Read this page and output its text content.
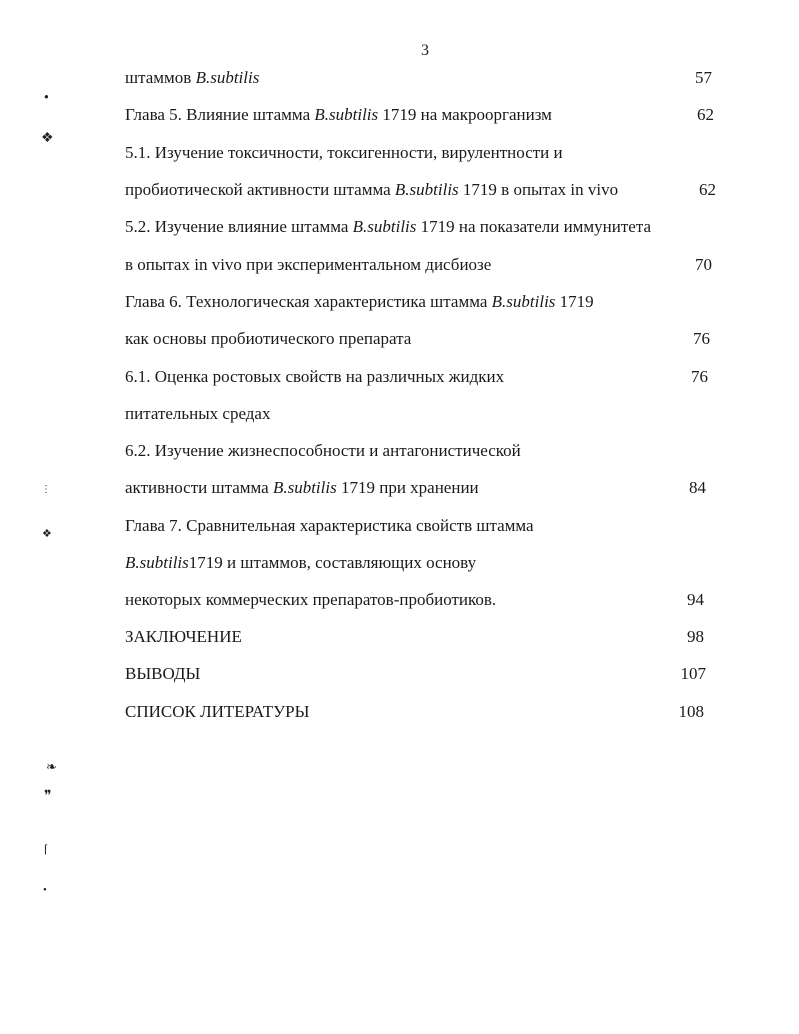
3
штаммов B.subtilis	57
Глава 5. Влияние штамма B.subtilis 1719 на макроорганизм	62
5.1. Изучение токсичности, токсигенности, вирулентности и
пробиотической активности штамма B.subtilis 1719 в опытах in vivo	62
5.2. Изучение влияние штамма B.subtilis 1719 на показатели иммунитета
в опытах in vivo при экспериментальном дисбиозе	70
Глава 6. Технологическая характеристика штамма B.subtilis 1719
как основы пробиотического препарата	76
6.1. Оценка ростовых свойств на различных жидких	76
питательных средах
6.2. Изучение жизнеспособности и антагонистической
активности штамма B.subtilis 1719 при хранении	84
Глава 7. Сравнительная характеристика свойств штамма
B.subtilis1719 и штаммов, составляющих основу
некоторых коммерческих препаратов-пробиотиков.	94
ЗАКЛЮЧЕНИЕ	98
ВЫВОДЫ	107
СПИСОК ЛИТЕРАТУРЫ	108
●
❖
⋮
❖
❧
❞
⌈
•
